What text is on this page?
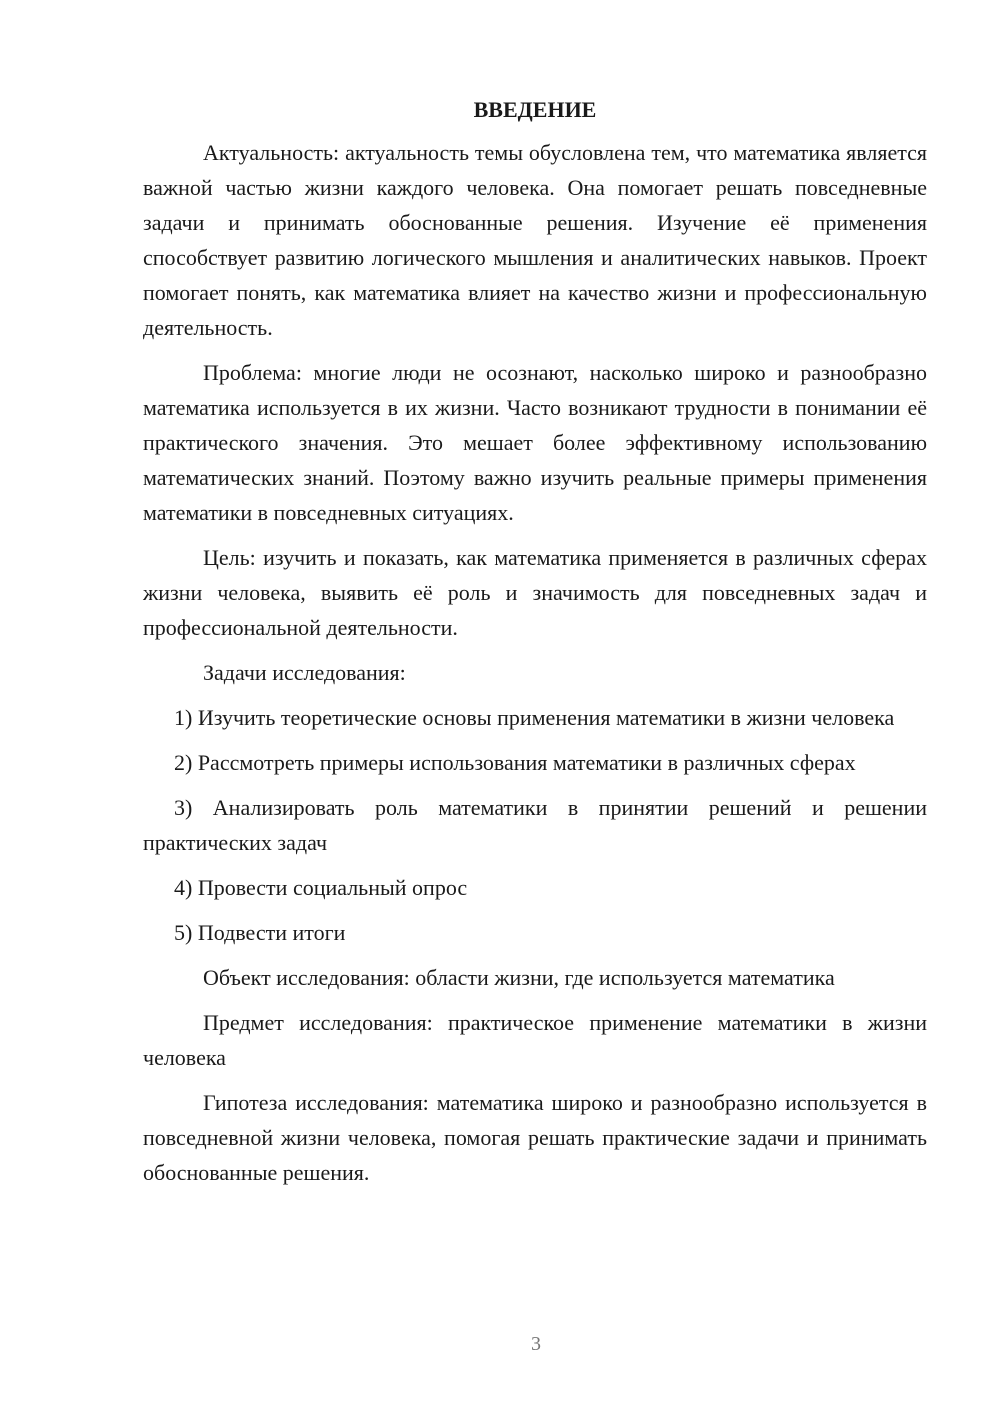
ВВЕДЕНИЕ

Актуальность: актуальность темы обусловлена тем, что математика является важной частью жизни каждого человека. Она помогает решать повседневные задачи и принимать обоснованные решения. Изучение её применения способствует развитию логического мышления и аналитических навыков. Проект помогает понять, как математика влияет на качество жизни и профессиональную деятельность.

Проблема: многие люди не осознают, насколько широко и разнообразно математика используется в их жизни. Часто возникают трудности в понимании её практического значения. Это мешает более эффективному использованию математических знаний. Поэтому важно изучить реальные примеры применения математики в повседневных ситуациях.

Цель: изучить и показать, как математика применяется в различных сферах жизни человека, выявить её роль и значимость для повседневных задач и профессиональной деятельности.

Задачи исследования:

1) Изучить теоретические основы применения математики в жизни человека

2) Рассмотреть примеры использования математики в различных сферах

3) Анализировать роль математики в принятии решений и решении практических задач

4) Провести социальный опрос

5) Подвести итоги

Объект исследования: области жизни, где используется математика

Предмет исследования: практическое применение математики в жизни человека

Гипотеза исследования: математика широко и разнообразно используется в повседневной жизни человека, помогая решать практические задачи и принимать обоснованные решения.

3
